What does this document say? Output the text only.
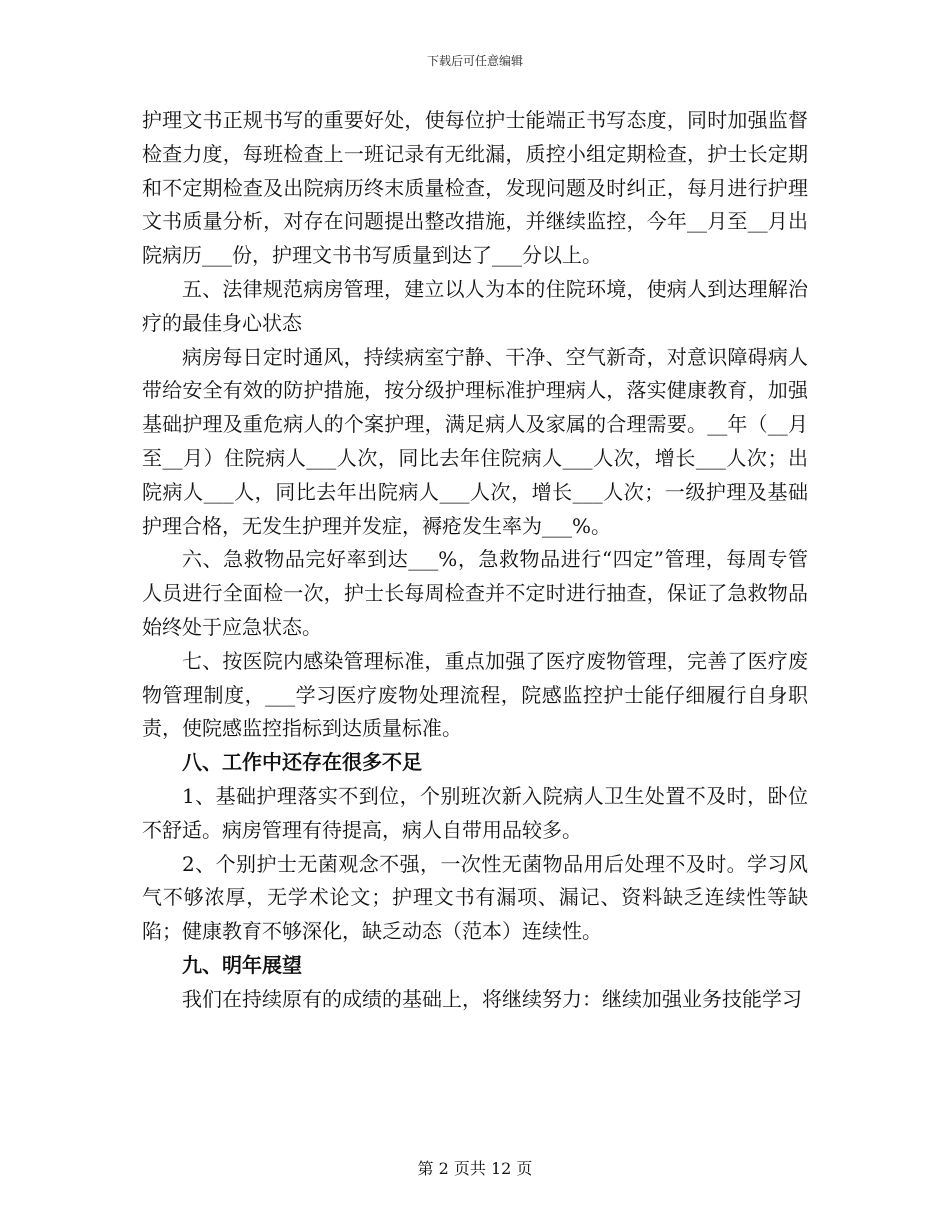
下载后可任意编辑

护理文书正规书写的重要好处，使每位护士能端正书写态度，同时加强监督检查力度，每班检查上一班记录有无纰漏，质控小组定期检查，护士长定期和不定期检查及出院病历终末质量检查，发现问题及时纠正，每月进行护理文书质量分析，对存在问题提出整改措施，并继续监控，今年__月至__月出院病历___份，护理文书书写质量到达了___分以上。

五、法律规范病房管理，建立以人为本的住院环境，使病人到达理解治疗的最佳身心状态

病房每日定时通风，持续病室宁静、干净、空气新奇，对意识障碍病人带给安全有效的防护措施，按分级护理标准护理病人，落实健康教育，加强基础护理及重危病人的个案护理，满足病人及家属的合理需要。__年（__月至__月）住院病人___人次，同比去年住院病人___人次，增长___人次；出院病人___人，同比去年出院病人___人次，增长___人次；一级护理及基础护理合格，无发生护理并发症，褥疮发生率为___%。

六、急救物品完好率到达___%，急救物品进行“四定”管理，每周专管人员进行全面检一次，护士长每周检查并不定时进行抽查，保证了急救物品始终处于应急状态。

七、按医院内感染管理标准，重点加强了医疗废物管理，完善了医疗废物管理制度，___学习医疗废物处理流程，院感监控护士能仔细履行自身职责，使院感监控指标到达质量标准。

八、工作中还存在很多不足

1、基础护理落实不到位，个别班次新入院病人卫生处置不及时，卧位不舒适。病房管理有待提高，病人自带用品较多。

2、个别护士无菌观念不强，一次性无菌物品用后处理不及时。学习风气不够浓厚，无学术论文；护理文书有漏项、漏记、资料缺乏连续性等缺陷；健康教育不够深化，缺乏动态（范本）连续性。

九、明年展望

我们在持续原有的成绩的基础上，将继续努力：继续加强业务技能学习

第 2 页共 12 页
